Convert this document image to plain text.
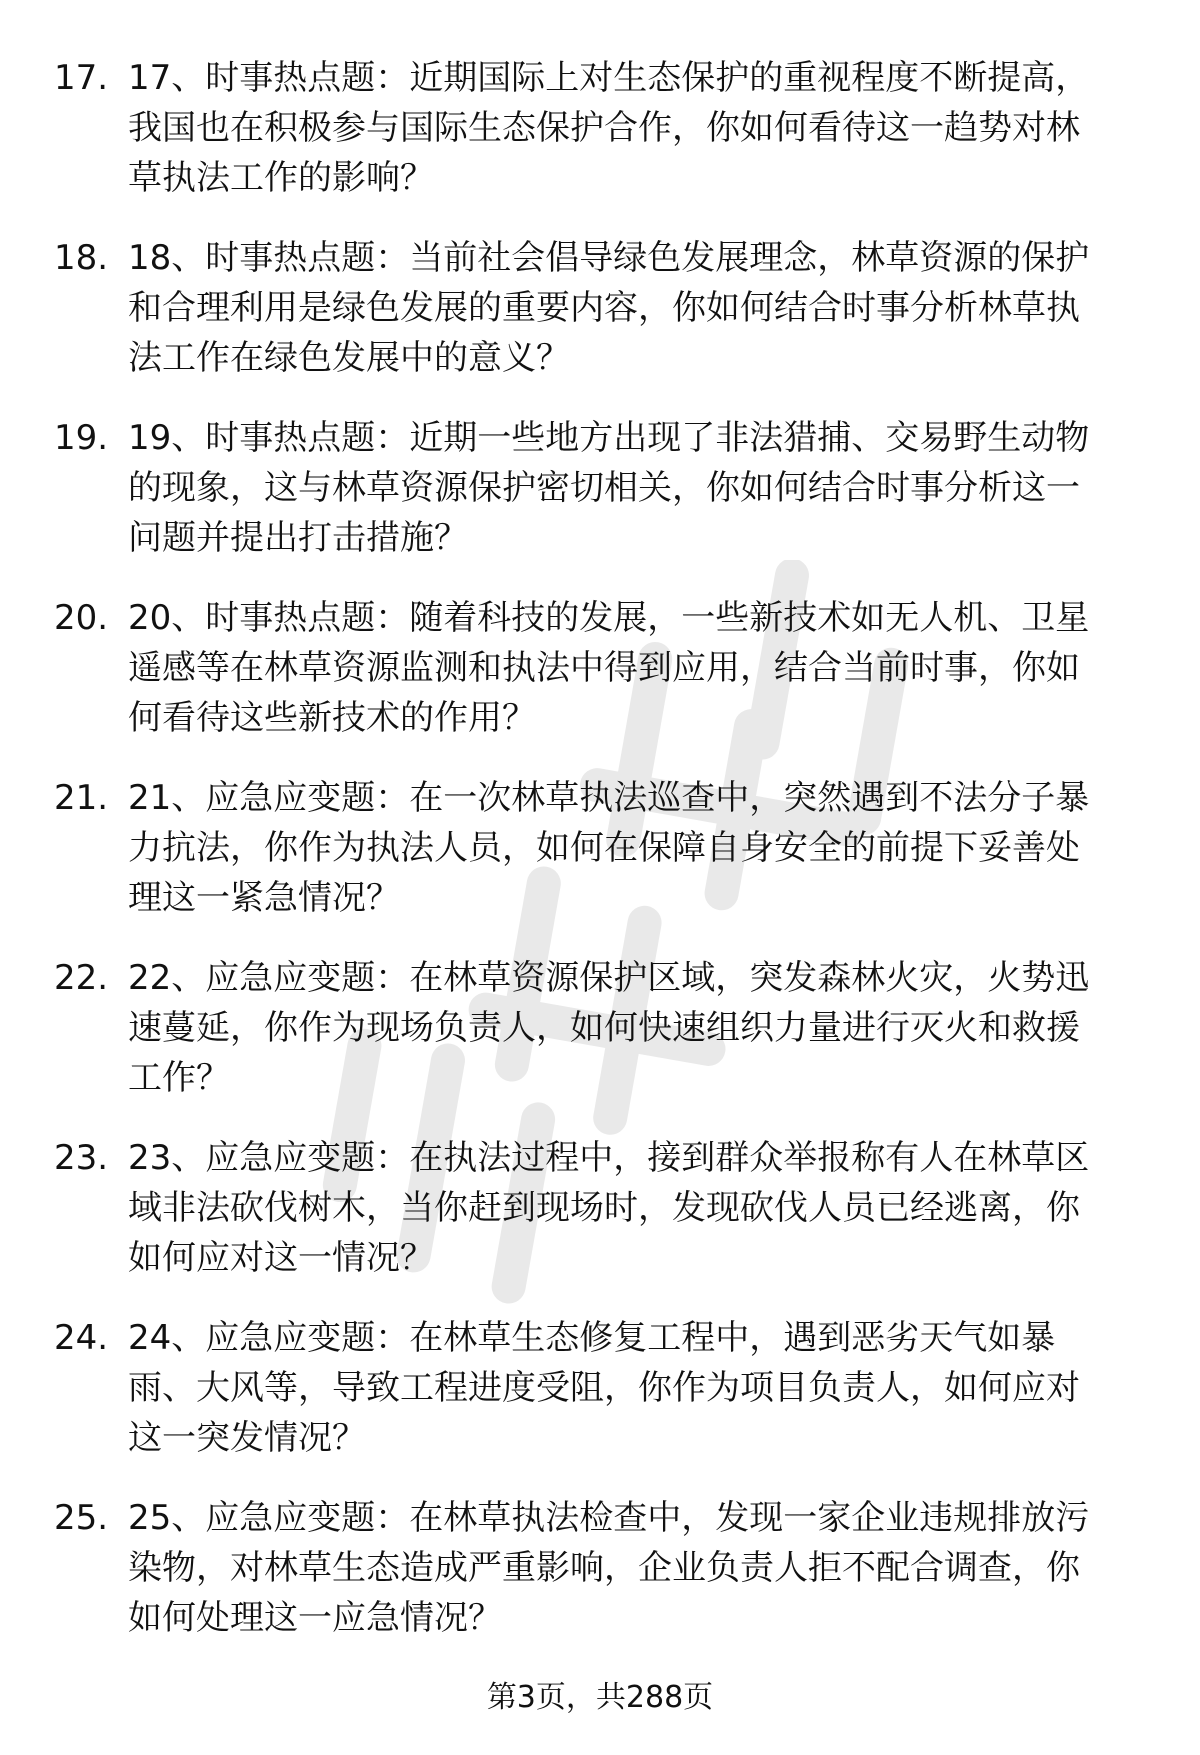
17. 17、时事热点题：近期国际上对生态保护的重视程度不断提高，
我国也在积极参与国际生态保护合作，你如何看待这一趋势对林
草执法工作的影响？

18. 18、时事热点题：当前社会倡导绿色发展理念，林草资源的保护
和合理利用是绿色发展的重要内容，你如何结合时事分析林草执
法工作在绿色发展中的意义？

19. 19、时事热点题：近期一些地方出现了非法猎捕、交易野生动物
的现象，这与林草资源保护密切相关，你如何结合时事分析这一
问题并提出打击措施？

20. 20、时事热点题：随着科技的发展，一些新技术如无人机、卫星
遥感等在林草资源监测和执法中得到应用，结合当前时事，你如
何看待这些新技术的作用？

21. 21、应急应变题：在一次林草执法巡查中，突然遇到不法分子暴
力抗法，你作为执法人员，如何在保障自身安全的前提下妥善处
理这一紧急情况？

22. 22、应急应变题：在林草资源保护区域，突发森林火灾，火势迅
速蔓延，你作为现场负责人，如何快速组织力量进行灭火和救援
工作？

23. 23、应急应变题：在执法过程中，接到群众举报称有人在林草区
域非法砍伐树木，当你赶到现场时，发现砍伐人员已经逃离，你
如何应对这一情况？

24. 24、应急应变题：在林草生态修复工程中，遇到恶劣天气如暴
雨、大风等，导致工程进度受阻，你作为项目负责人，如何应对
这一突发情况？

25. 25、应急应变题：在林草执法检查中，发现一家企业违规排放污
染物，对林草生态造成严重影响，企业负责人拒不配合调查，你
如何处理这一应急情况？

第3页，共288页
